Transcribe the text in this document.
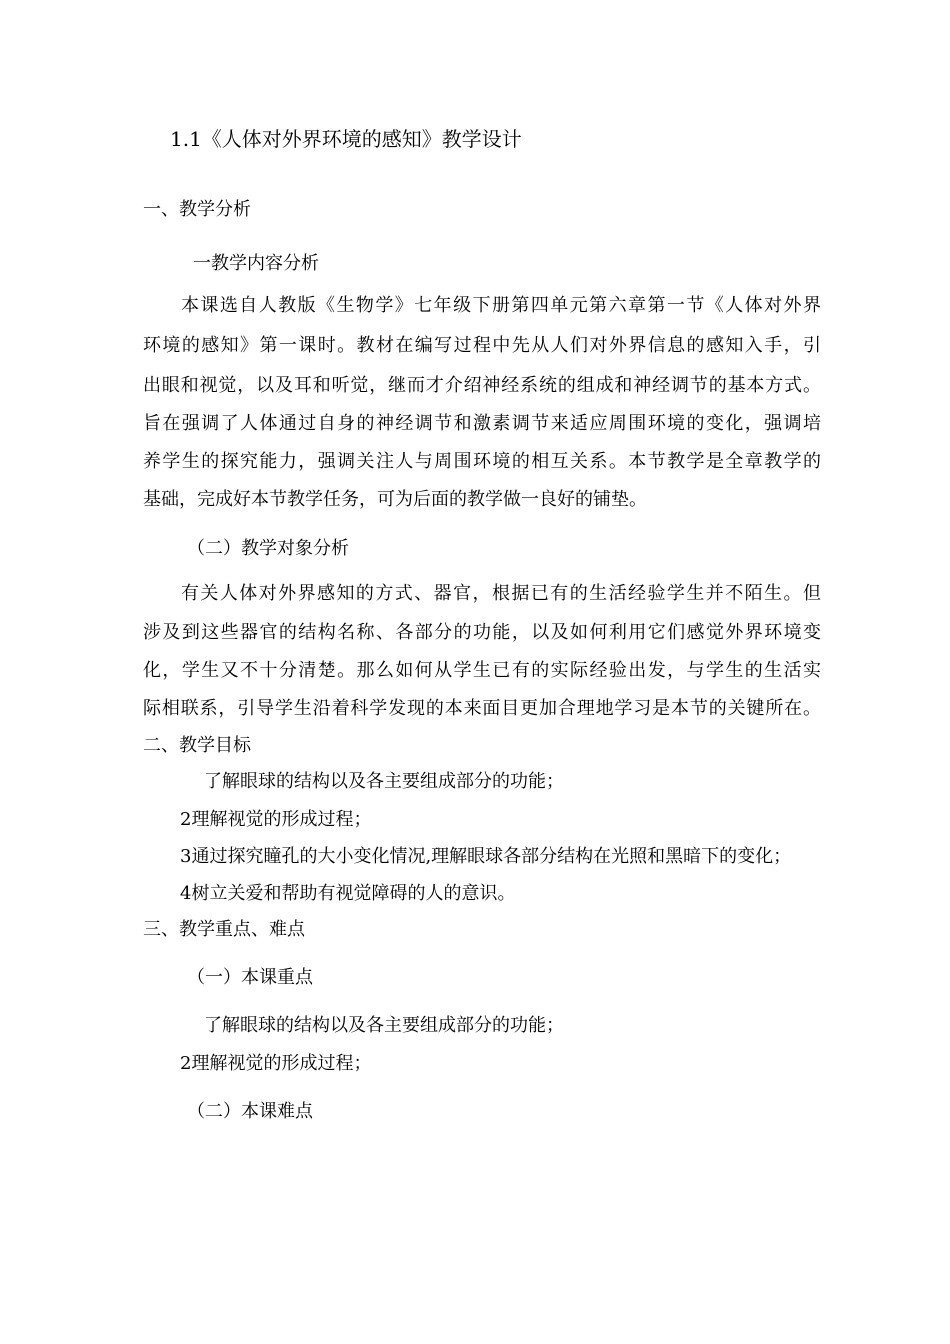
1.1《人体对外界环境的感知》教学设计
一、教学分析
一教学内容分析
本课选自人教版《生物学》七年级下册第四单元第六章第一节《人体对外界
环境的感知》第一课时。教材在编写过程中先从人们对外界信息的感知入手，引
出眼和视觉，以及耳和听觉，继而才介绍神经系统的组成和神经调节的基本方式。
旨在强调了人体通过自身的神经调节和激素调节来适应周围环境的变化，强调培
养学生的探究能力，强调关注人与周围环境的相互关系。本节教学是全章教学的
基础，完成好本节教学任务，可为后面的教学做一良好的铺垫。
（二）教学对象分析
有关人体对外界感知的方式、器官，根据已有的生活经验学生并不陌生。但
涉及到这些器官的结构名称、各部分的功能，以及如何利用它们感觉外界环境变
化，学生又不十分清楚。那么如何从学生已有的实际经验出发，与学生的生活实
际相联系，引导学生沿着科学发现的本来面目更加合理地学习是本节的关键所在。
二、教学目标
了解眼球的结构以及各主要组成部分的功能；
2理解视觉的形成过程；
3通过探究瞳孔的大小变化情况,理解眼球各部分结构在光照和黑暗下的变化；
4树立关爱和帮助有视觉障碍的人的意识。
三、教学重点、难点
（一）本课重点
了解眼球的结构以及各主要组成部分的功能；
2理解视觉的形成过程；
（二）本课难点
